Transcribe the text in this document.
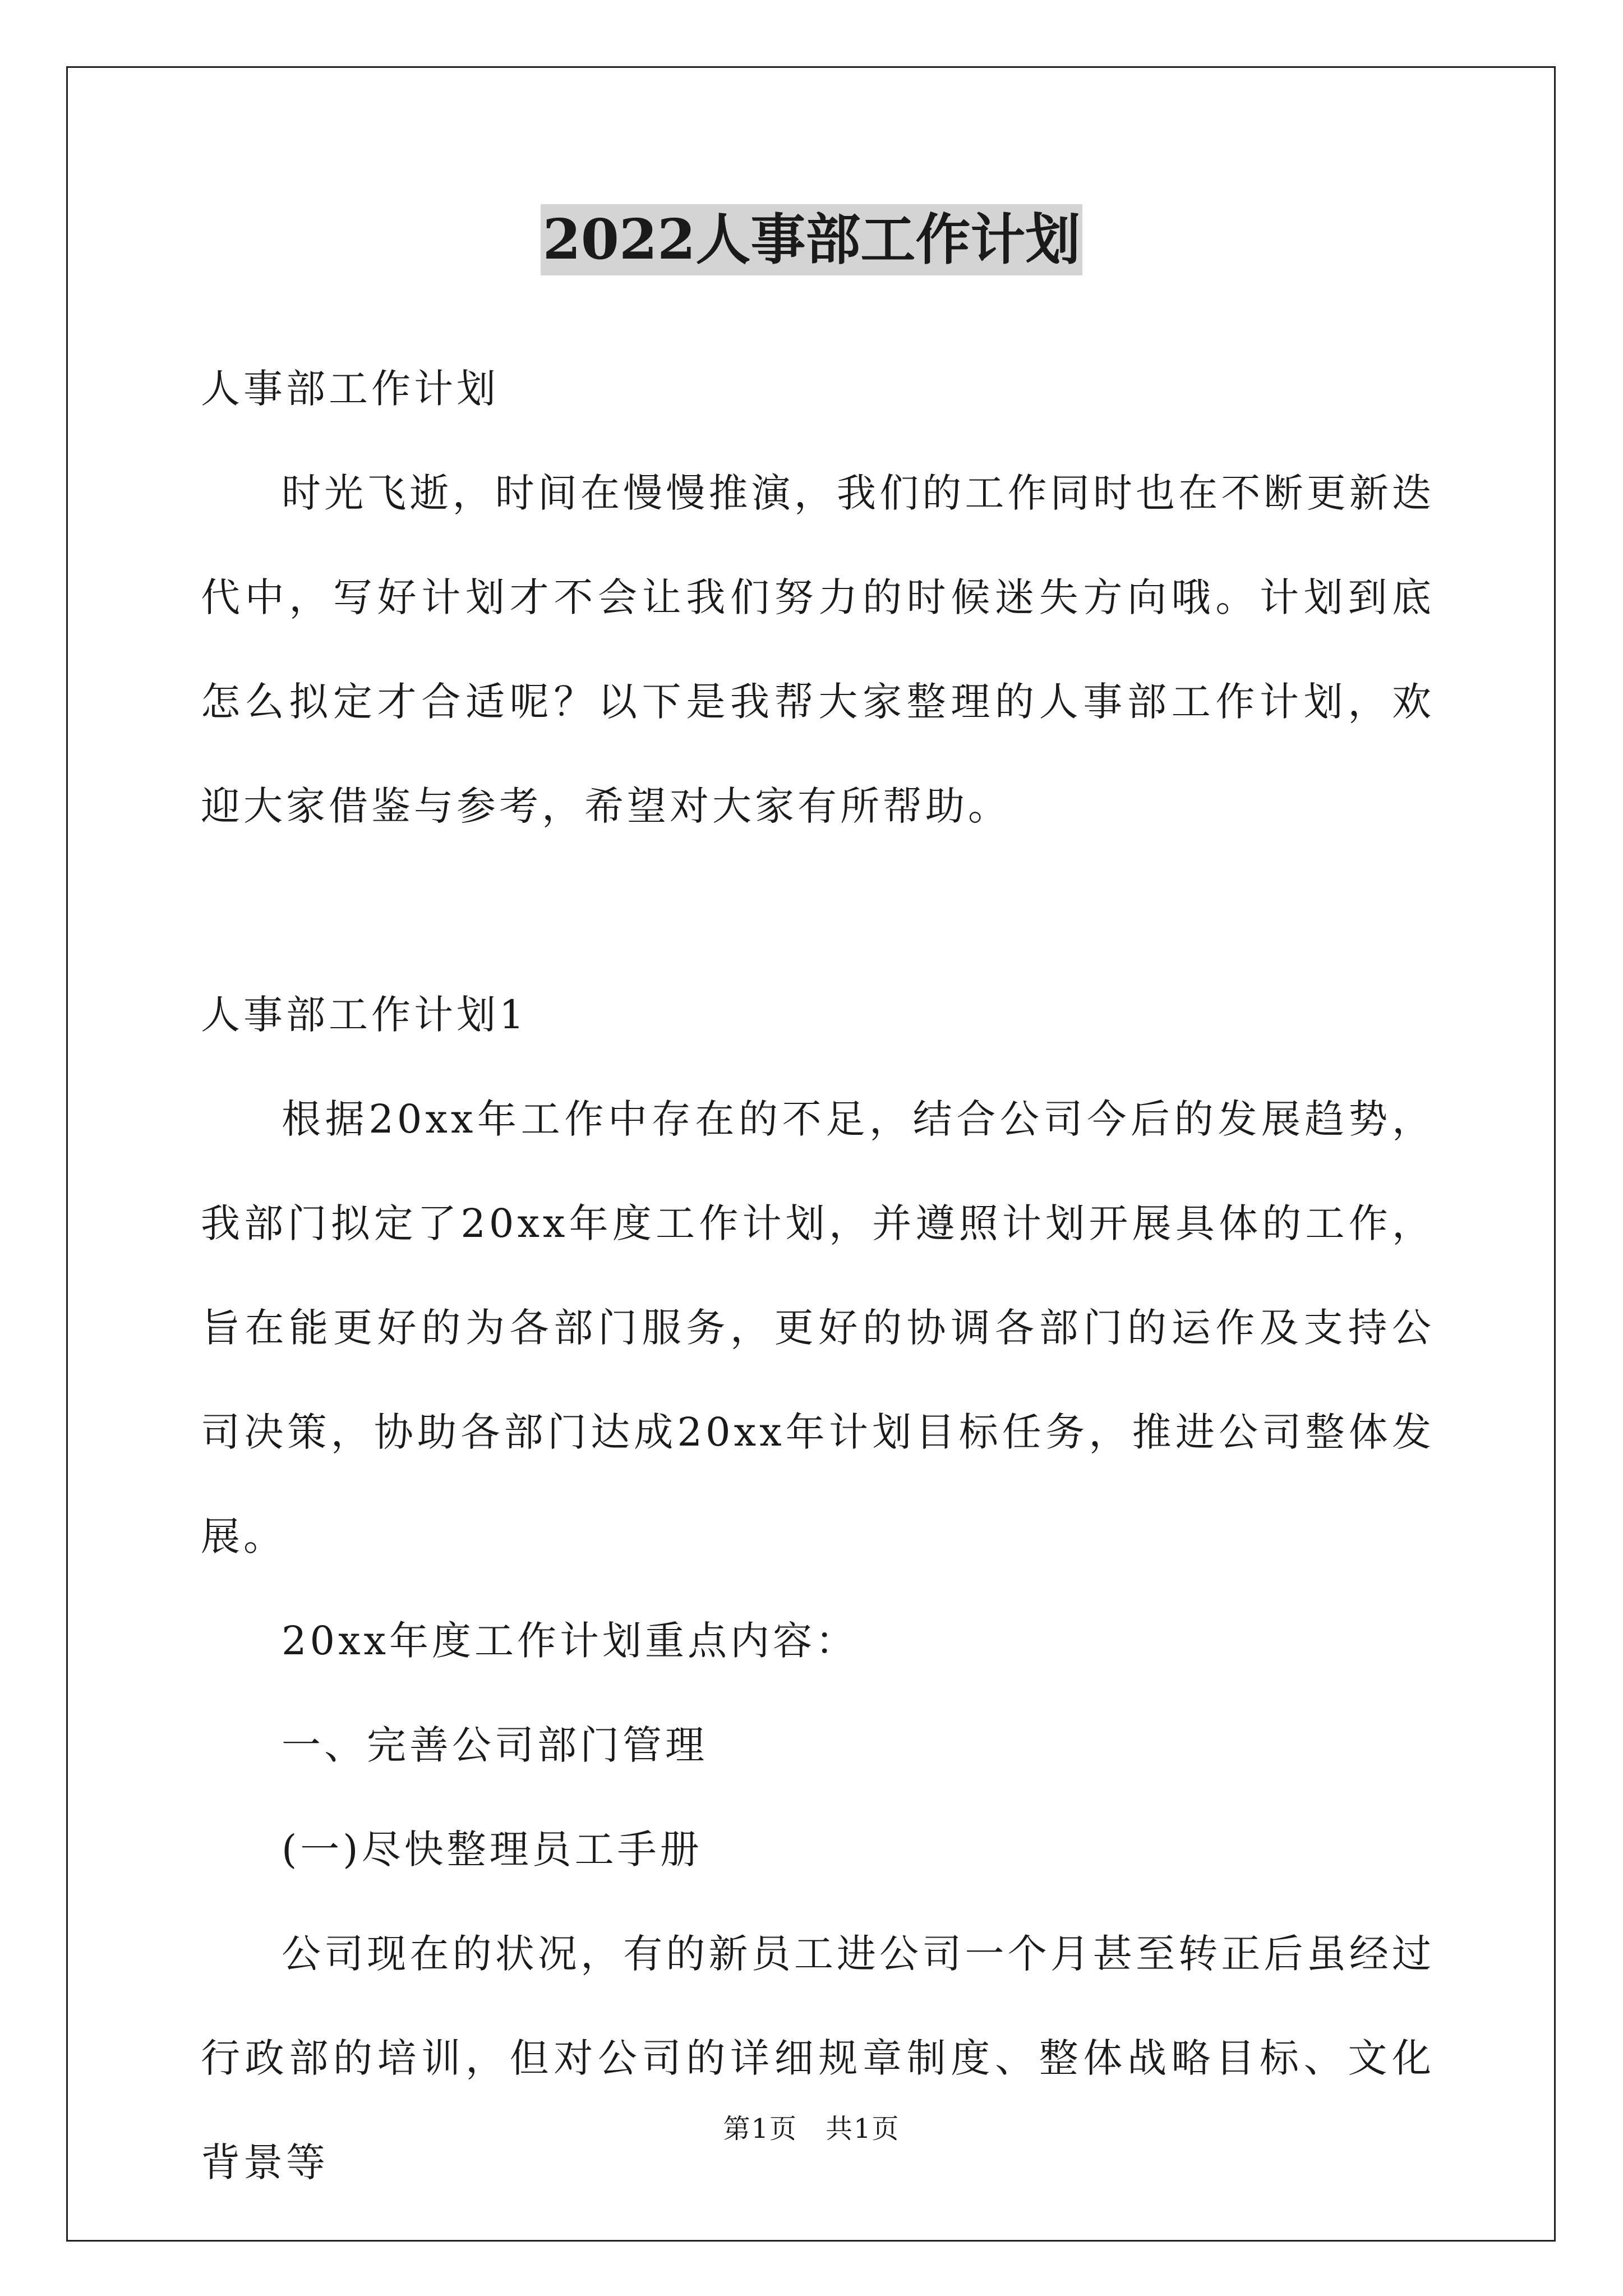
2022人事部工作计划

人事部工作计划

时光飞逝，时间在慢慢推演，我们的工作同时也在不断更新迭代中，写好计划才不会让我们努力的时候迷失方向哦。计划到底怎么拟定才合适呢？以下是我帮大家整理的人事部工作计划，欢迎大家借鉴与参考，希望对大家有所帮助。

人事部工作计划1

根据20xx年工作中存在的不足，结合公司今后的发展趋势，我部门拟定了20xx年度工作计划，并遵照计划开展具体的工作，旨在能更好的为各部门服务，更好的协调各部门的运作及支持公司决策，协助各部门达成20xx年计划目标任务，推进公司整体发展。

20xx年度工作计划重点内容：

一、完善公司部门管理

(一)尽快整理员工手册

公司现在的状况，有的新员工进公司一个月甚至转正后虽经过行政部的培训，但对公司的详细规章制度、整体战略目标、文化背景等

第1页　共1页
